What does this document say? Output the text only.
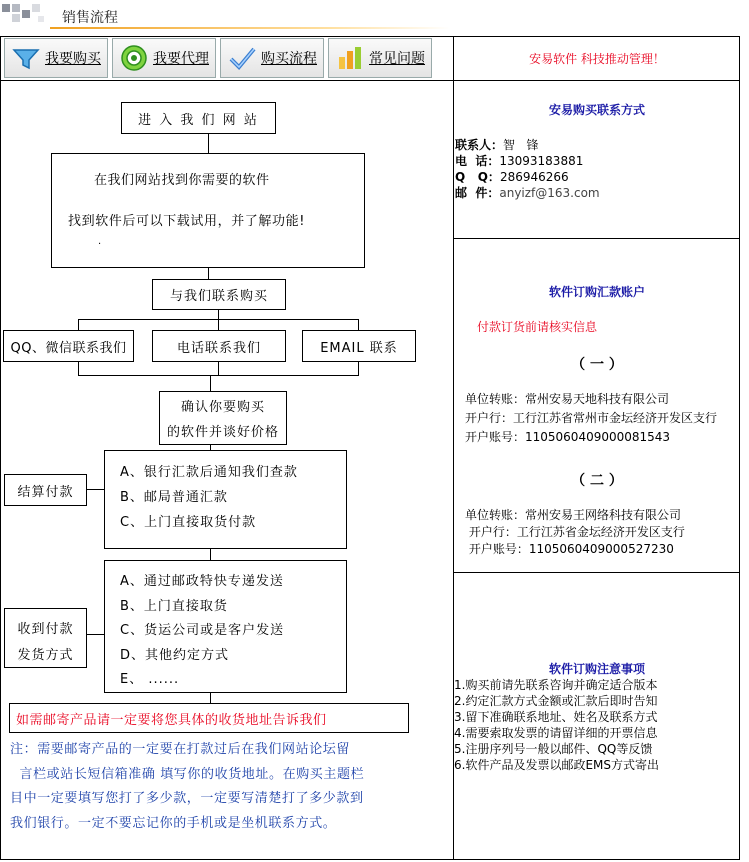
销售流程
我要购买	我要代理	购买流程	常见问题	安易软件 科技推动管理！
进 入 我 们 网 站
在我们网站找到你需要的软件
找到软件后可以下载试用，并了解功能!
.
与我们联系购买
QQ、微信联系我们	电话联系我们	EMAIL 联系
确认你要购买
的软件并谈好价格
结算付款
A、银行汇款后通知我们查款
B、邮局普通汇款
C、上门直接取货付款
收到付款
发货方式
A、通过邮政特快专递发送
B、上门直接取货
C、货运公司或是客户发送
D、其他约定方式
E、 ......
如需邮寄产品请一定要将您具体的收货地址告诉我们
注：需要邮寄产品的一定要在打款过后在我们网站论坛留
言栏或站长短信箱准确 填写你的收货地址。在购买主题栏
目中一定要填写您打了多少款，一定要写清楚打了多少款到
我们银行。一定不要忘记你的手机或是坐机联系方式。
安易购买联系方式
联系人：智   锋
电  话：13093183881
Q   Q：286946266
邮  件：anyizf@163.com
软件订购汇款账户
付款订货前请核实信息
（ 一 ）
单位转账：常州安易天地科技有限公司
开户行：工行江苏省常州市金坛经济开发区支行
开户账号：1105060409000081543
（ 二 ）
单位转账：常州安易王网络科技有限公司
开户行：工行江苏省金坛经济开发区支行
开户账号：1105060409000527230
软件订购注意事项
1.购买前请先联系咨询并确定适合版本
2.约定汇款方式金额或汇款后即时告知
3.留下准确联系地址、姓名及联系方式
4.需要索取发票的请留详细的开票信息
5.注册序列号一般以邮件、QQ等反馈
6.软件产品及发票以邮政EMS方式寄出
